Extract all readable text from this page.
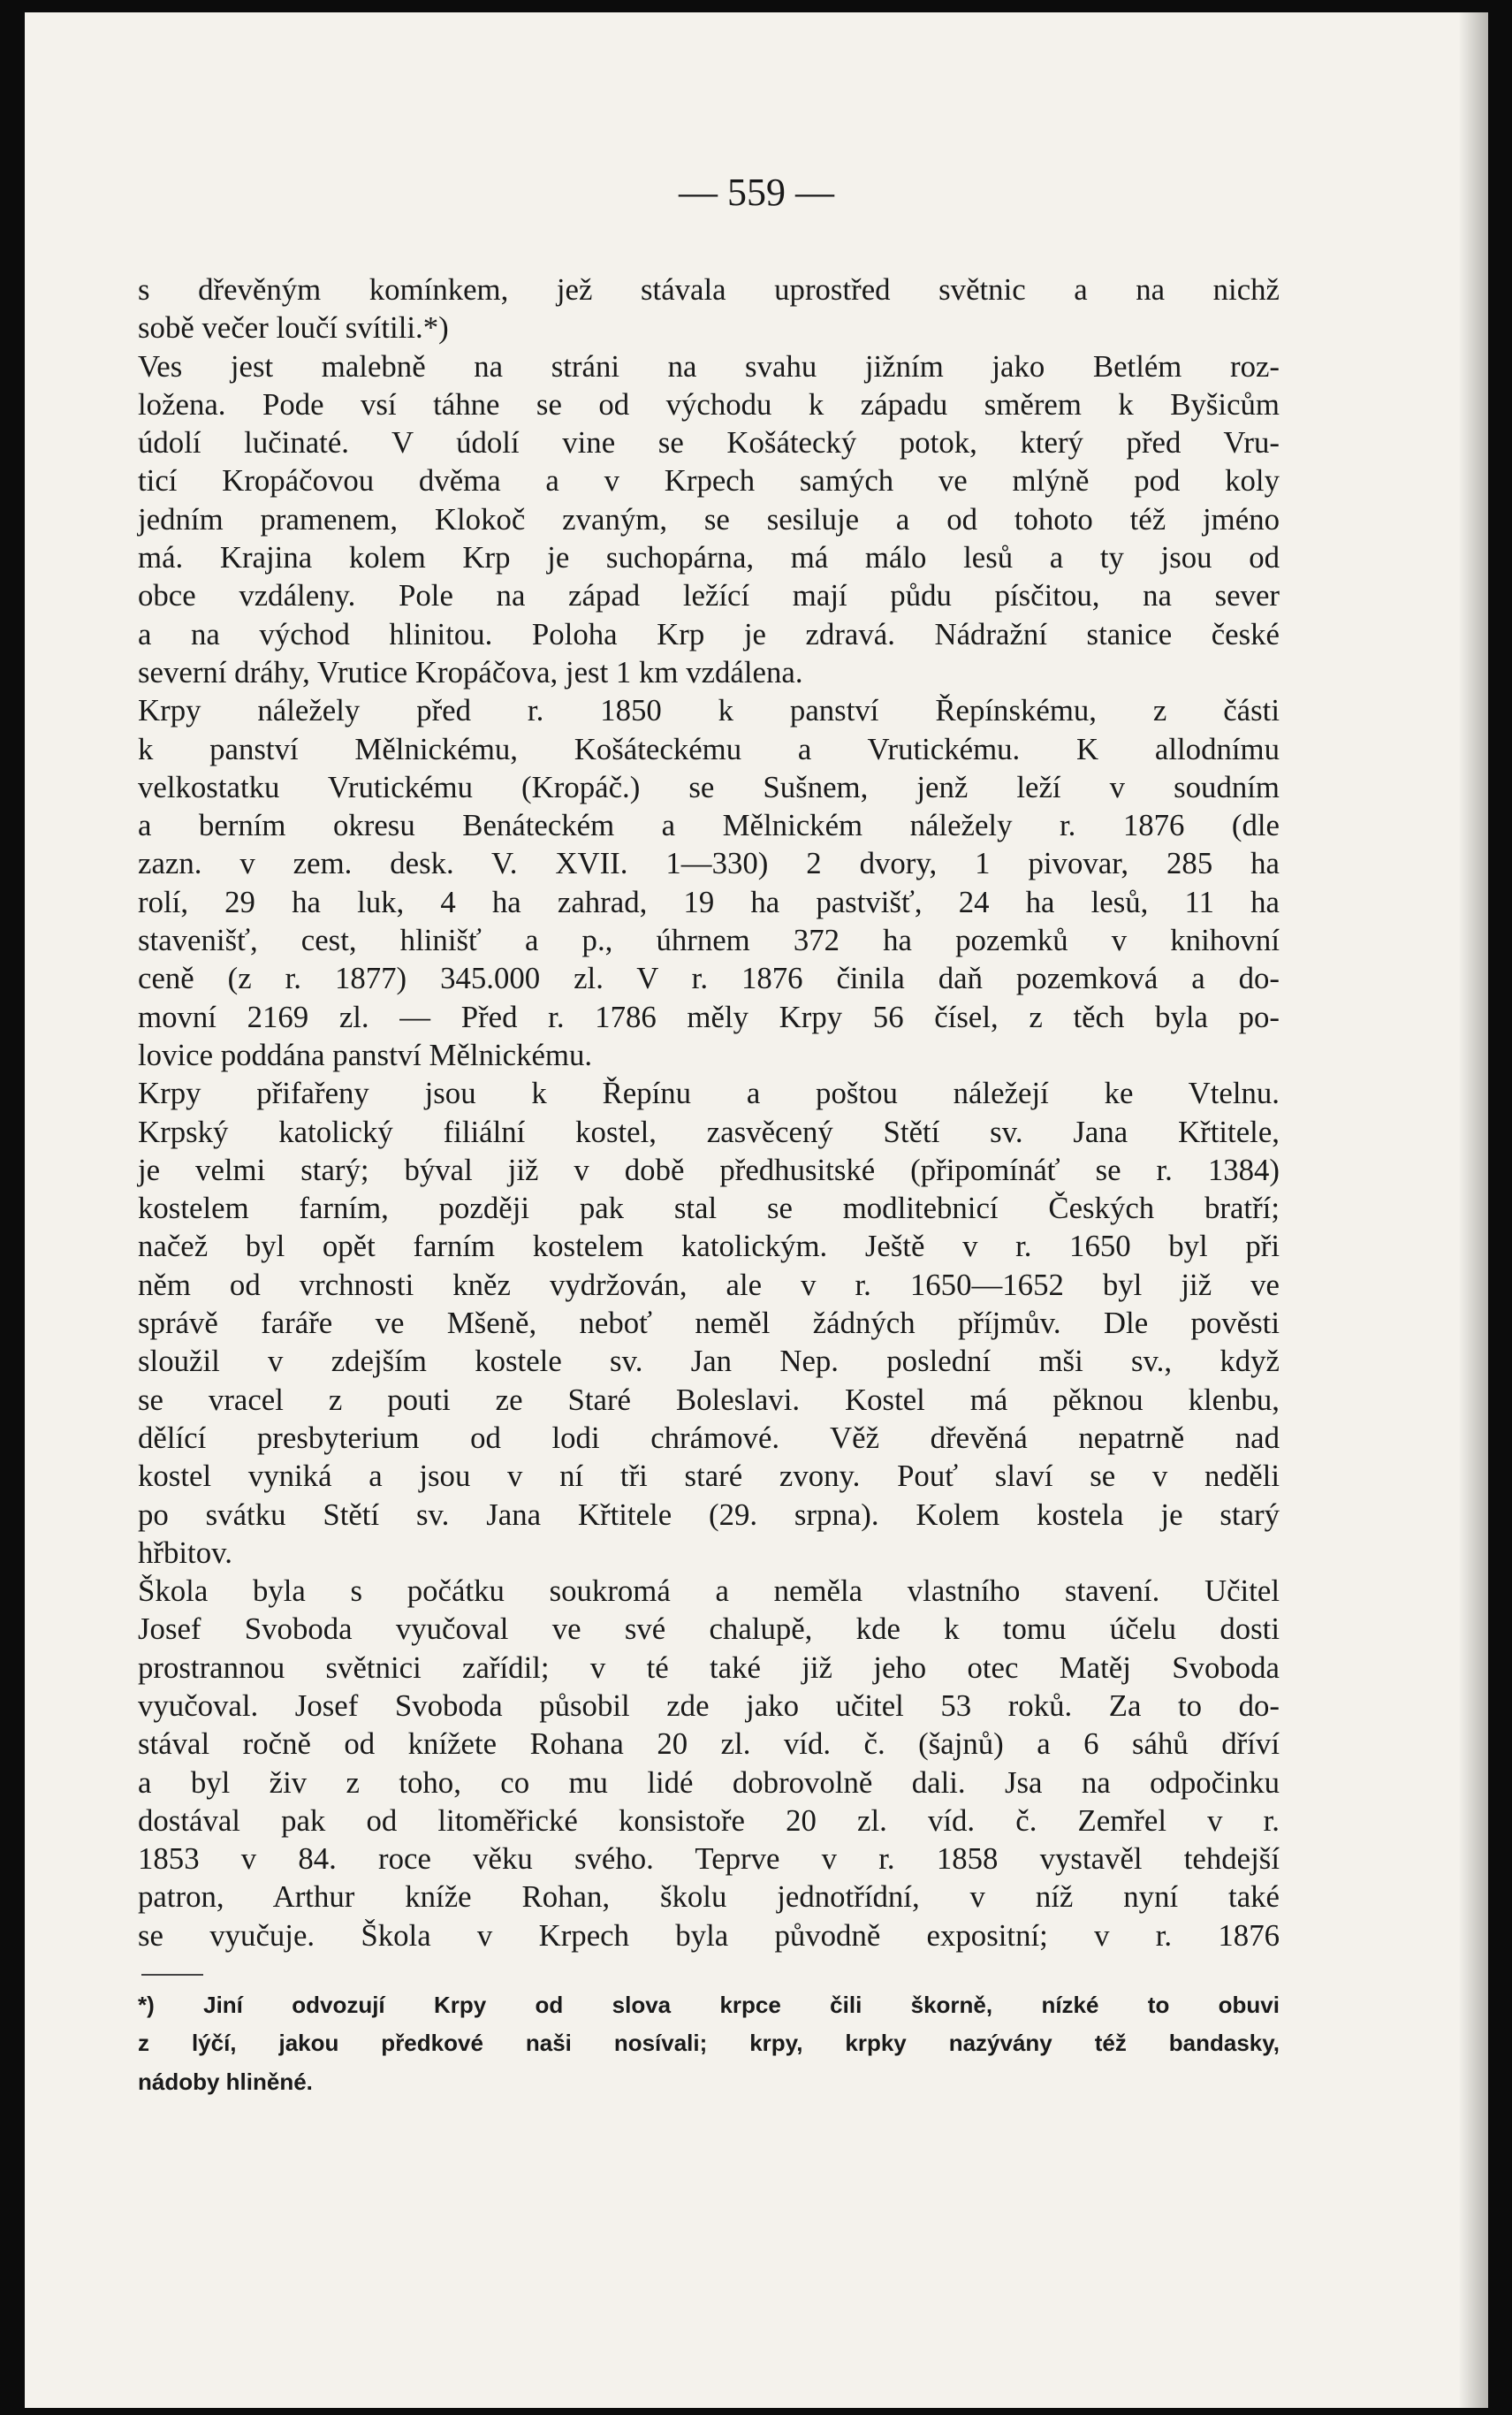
— 559 —
s dřevěným komínkem, jež stávala uprostřed světnic a na nichž
sobě večer loučí svítili.*)
Ves jest malebně na stráni na svahu jižním jako Betlém roz-
ložena. Pode vsí táhne se od východu k západu směrem k Byšicům
údolí lučinaté. V údolí vine se Košátecký potok, který před Vru-
ticí Kropáčovou dvěma a v Krpech samých ve mlýně pod koly
jedním pramenem, Klokoč zvaným, se sesiluje a od tohoto též jméno
má. Krajina kolem Krp je suchopárna, má málo lesů a ty jsou od
obce vzdáleny. Pole na západ ležící mají půdu písčitou, na sever
a na východ hlinitou. Poloha Krp je zdravá. Nádražní stanice české
severní dráhy, Vrutice Kropáčova, jest 1 km vzdálena.
Krpy náležely před r. 1850 k panství Řepínskému, z části
k panství Mělnickému, Košáteckému a Vrutickému. K allodnímu
velkostatku Vrutickému (Kropáč.) se Sušnem, jenž leží v soudním
a berním okresu Benáteckém a Mělnickém náležely r. 1876 (dle
zazn. v zem. desk. V. XVII. 1—330) 2 dvory, 1 pivovar, 285 ha
rolí, 29 ha luk, 4 ha zahrad, 19 ha pastvišť, 24 ha lesů, 11 ha
stavenišť, cest, hlinišť a p., úhrnem 372 ha pozemků v knihovní
ceně (z r. 1877) 345.000 zl. V r. 1876 činila daň pozemková a do-
movní 2169 zl. — Před r. 1786 měly Krpy 56 čísel, z těch byla po-
lovice poddána panství Mělnickému.
Krpy přifařeny jsou k Řepínu a poštou náležejí ke Vtelnu.
Krpský katolický filiální kostel, zasvěcený Stětí sv. Jana Křtitele,
je velmi starý; býval již v době předhusitské (připomínáť se r. 1384)
kostelem farním, později pak stal se modlitebnicí Českých bratří;
načež byl opět farním kostelem katolickým. Ještě v r. 1650 byl při
něm od vrchnosti kněz vydržován, ale v r. 1650—1652 byl již ve
správě faráře ve Mšeně, neboť neměl žádných příjmův. Dle pověsti
sloužil v zdejším kostele sv. Jan Nep. poslední mši sv., když
se vracel z pouti ze Staré Boleslavi. Kostel má pěknou klenbu,
dělící presbyterium od lodi chrámové. Věž dřevěná nepatrně nad
kostel vyniká a jsou v ní tři staré zvony. Pouť slaví se v neděli
po svátku Stětí sv. Jana Křtitele (29. srpna). Kolem kostela je starý
hřbitov.
Škola byla s počátku soukromá a neměla vlastního stavení. Učitel
Josef Svoboda vyučoval ve své chalupě, kde k tomu účelu dosti
prostrannou světnici zařídil; v té také již jeho otec Matěj Svoboda
vyučoval. Josef Svoboda působil zde jako učitel 53 roků. Za to do-
stával ročně od knížete Rohana 20 zl. víd. č. (šajnů) a 6 sáhů dříví
a byl živ z toho, co mu lidé dobrovolně dali. Jsa na odpočinku
dostával pak od litoměřické konsistoře 20 zl. víd. č. Zemřel v r.
1853 v 84. roce věku svého. Teprve v r. 1858 vystavěl tehdejší
patron, Arthur kníže Rohan, školu jednotřídní, v níž nyní také
se vyučuje. Škola v Krpech byla původně expositní; v r. 1876
*) Jiní odvozují Krpy od slova krpce čili škorně, nízké to obuvi
z lýčí, jakou předkové naši nosívali; krpy, krpky nazývány též bandasky,
nádoby hliněné.
